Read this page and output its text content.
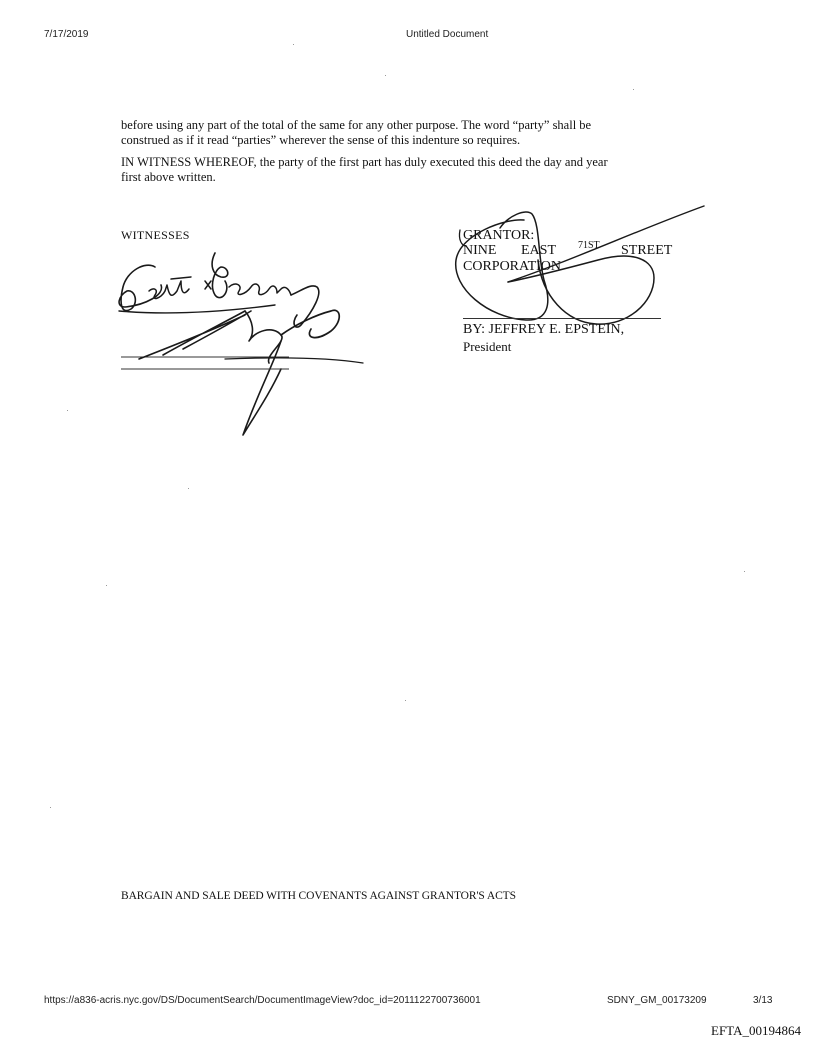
7/17/2019	Untitled Document
before using any part of the total of the same for any other purpose. The word “party” shall be
construed as if it read “parties” wherever the sense of this indenture so requires.
IN WITNESS WHEREOF, the party of the first part has duly executed this deed the day and year
first above written.
WITNESSES	GRANTOR:
NINE EAST 71ST STREET
CORPORATION
BY: JEFFREY E. EPSTEIN,
President
BARGAIN AND SALE DEED WITH COVENANTS AGAINST GRANTOR'S ACTS
https://a836-acris.nyc.gov/DS/DocumentSearch/DocumentImageView?doc_id=2011122700736001	SDNY_GM_00173209	3/13
EFTA_00194864
